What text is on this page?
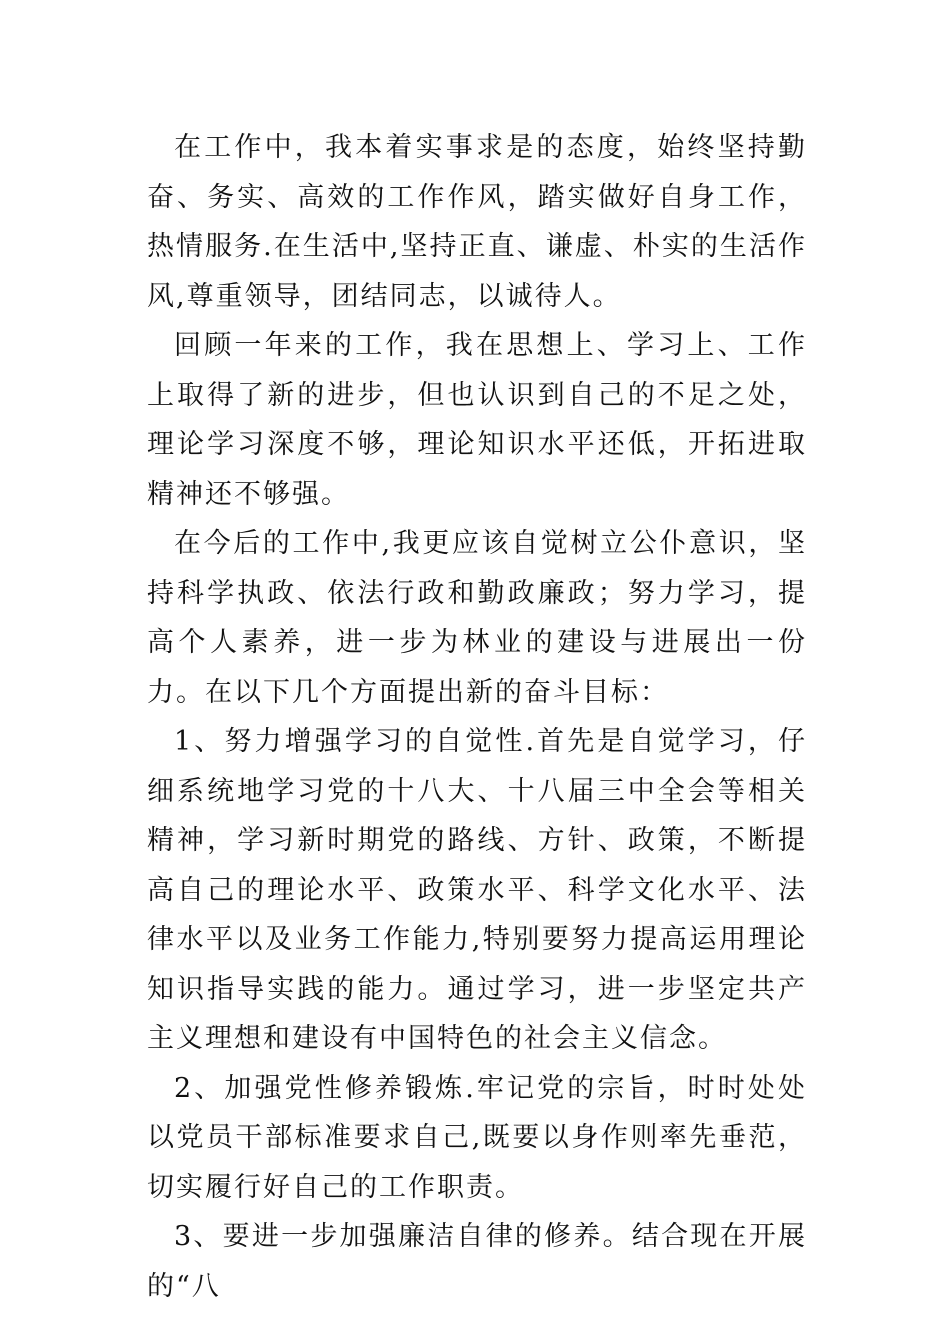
在工作中，我本着实事求是的态度，始终坚持勤奋、务实、高效的工作作风，踏实做好自身工作，热情服务.在生活中,坚持正直、谦虚、朴实的生活作风,尊重领导，团结同志，以诚待人。

回顾一年来的工作，我在思想上、学习上、工作上取得了新的进步，但也认识到自己的不足之处，理论学习深度不够，理论知识水平还低，开拓进取精神还不够强。

在今后的工作中,我更应该自觉树立公仆意识，坚持科学执政、依法行政和勤政廉政；努力学习，提高个人素养，进一步为林业的建设与进展出一份力。在以下几个方面提出新的奋斗目标：

1、努力增强学习的自觉性.首先是自觉学习，仔细系统地学习党的十八大、十八届三中全会等相关精神，学习新时期党的路线、方针、政策，不断提高自己的理论水平、政策水平、科学文化水平、法律水平以及业务工作能力,特别要努力提高运用理论知识指导实践的能力。通过学习，进一步坚定共产主义理想和建设有中国特色的社会主义信念。

2、加强党性修养锻炼.牢记党的宗旨，时时处处以党员干部标准要求自己,既要以身作则率先垂范，切实履行好自己的工作职责。

3、要进一步加强廉洁自律的修养。结合现在开展的“八
